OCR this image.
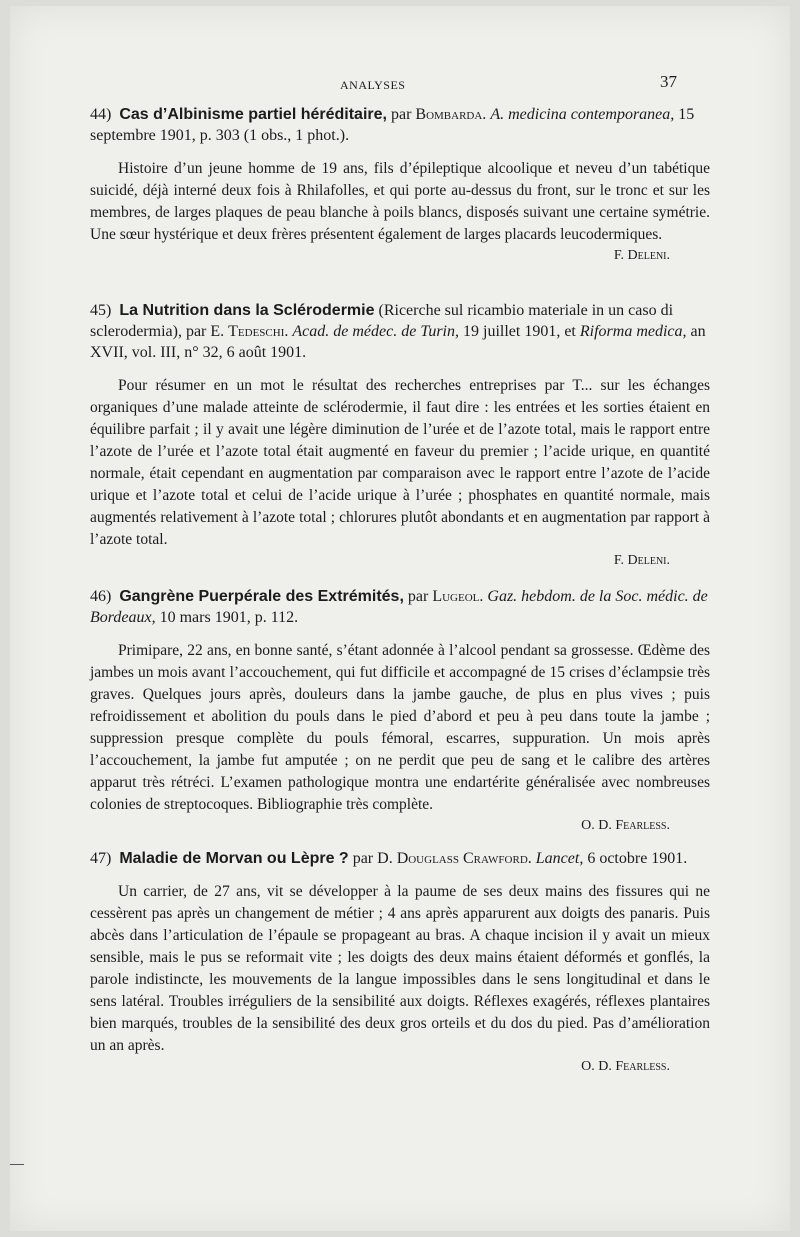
ANALYSES	37

44) Cas d’Albinisme partiel héréditaire, par Bombarda. A. medicina contemporanea, 15 septembre 1901, p. 303 (1 obs., 1 phot.).

Histoire d’un jeune homme de 19 ans, fils d’épileptique alcoolique et neveu d’un tabétique suicidé, déjà interné deux fois à Rhilafolles, et qui porte au-dessus du front, sur le tronc et sur les membres, de larges plaques de peau blanche à poils blancs, disposés suivant une certaine symétrie. Une sœur hystérique et deux frères présentent également de larges placards leucodermiques.

F. Deleni.

45) La Nutrition dans la Sclérodermie (Ricerche sul ricambio materiale in un caso di sclerodermia), par E. Tedeschi. Acad. de médec. de Turin, 19 juillet 1901, et Riforma medica, an XVII, vol. III, n° 32, 6 août 1901.

Pour résumer en un mot le résultat des recherches entreprises par T... sur les échanges organiques d’une malade atteinte de sclérodermie, il faut dire : les entrées et les sorties étaient en équilibre parfait ; il y avait une légère diminution de l’urée et de l’azote total, mais le rapport entre l’azote de l’urée et l’azote total était augmenté en faveur du premier ; l’acide urique, en quantité normale, était cependant en augmentation par comparaison avec le rapport entre l’azote de l’acide urique et l’azote total et celui de l’acide urique à l’urée ; phosphates en quantité normale, mais augmentés relativement à l’azote total ; chlorures plutôt abondants et en augmentation par rapport à l’azote total.

F. Deleni.

46) Gangrène Puerpérale des Extrémités, par Lugeol. Gaz. hebdom. de la Soc. médic. de Bordeaux, 10 mars 1901, p. 112.

Primipare, 22 ans, en bonne santé, s’étant adonnée à l’alcool pendant sa grossesse. Œdème des jambes un mois avant l’accouchement, qui fut difficile et accompagné de 15 crises d’éclampsie très graves. Quelques jours après, douleurs dans la jambe gauche, de plus en plus vives ; puis refroidissement et abolition du pouls dans le pied d’abord et peu à peu dans toute la jambe ; suppression presque complète du pouls fémoral, escarres, suppuration. Un mois après l’accouchement, la jambe fut amputée ; on ne perdit que peu de sang et le calibre des artères apparut très rétréci. L’examen pathologique montra une endartérite généralisée avec nombreuses colonies de streptocoques. Bibliographie très complète.

O. D. Fearless.

47) Maladie de Morvan ou Lèpre ? par D. Douglass Crawford. Lancet, 6 octobre 1901.

Un carrier, de 27 ans, vit se développer à la paume de ses deux mains des fissures qui ne cessèrent pas après un changement de métier ; 4 ans après apparurent aux doigts des panaris. Puis abcès dans l’articulation de l’épaule se propageant au bras. A chaque incision il y avait un mieux sensible, mais le pus se reformait vite ; les doigts des deux mains étaient déformés et gonflés, la parole indistincte, les mouvements de la langue impossibles dans le sens longitudinal et dans le sens latéral. Troubles irréguliers de la sensibilité aux doigts. Réflexes exagérés, réflexes plantaires bien marqués, troubles de la sensibilité des deux gros orteils et du dos du pied. Pas d’amélioration un an après.

O. D. Fearless.
